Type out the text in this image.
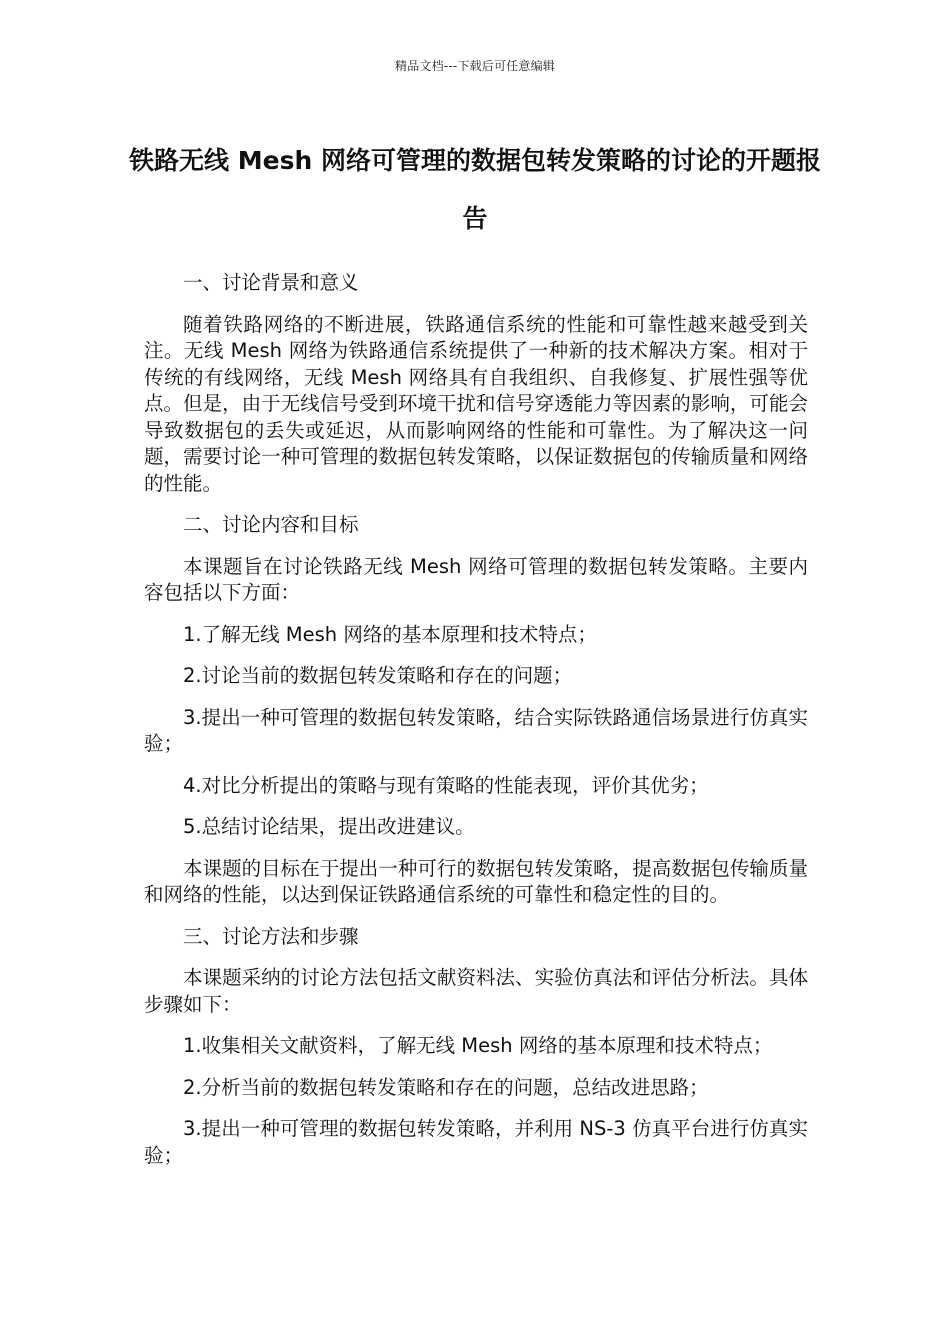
精品文档---下载后可任意编辑
铁路无线 Mesh 网络可管理的数据包转发策略的讨论的开题报告

一、讨论背景和意义

随着铁路网络的不断进展，铁路通信系统的性能和可靠性越来越受到关注。无线 Mesh 网络为铁路通信系统提供了一种新的技术解决方案。相对于传统的有线网络，无线 Mesh 网络具有自我组织、自我修复、扩展性强等优点。但是，由于无线信号受到环境干扰和信号穿透能力等因素的影响，可能会导致数据包的丢失或延迟，从而影响网络的性能和可靠性。为了解决这一问题，需要讨论一种可管理的数据包转发策略，以保证数据包的传输质量和网络的性能。

二、讨论内容和目标

本课题旨在讨论铁路无线 Mesh 网络可管理的数据包转发策略。主要内容包括以下方面：

1.了解无线 Mesh 网络的基本原理和技术特点；

2.讨论当前的数据包转发策略和存在的问题；

3.提出一种可管理的数据包转发策略，结合实际铁路通信场景进行仿真实验；

4.对比分析提出的策略与现有策略的性能表现，评价其优劣；

5.总结讨论结果，提出改进建议。

本课题的目标在于提出一种可行的数据包转发策略，提高数据包传输质量和网络的性能，以达到保证铁路通信系统的可靠性和稳定性的目的。

三、讨论方法和步骤

本课题采纳的讨论方法包括文献资料法、实验仿真法和评估分析法。具体步骤如下：

1.收集相关文献资料，了解无线 Mesh 网络的基本原理和技术特点；

2.分析当前的数据包转发策略和存在的问题，总结改进思路；

3.提出一种可管理的数据包转发策略，并利用 NS-3 仿真平台进行仿真实验；
